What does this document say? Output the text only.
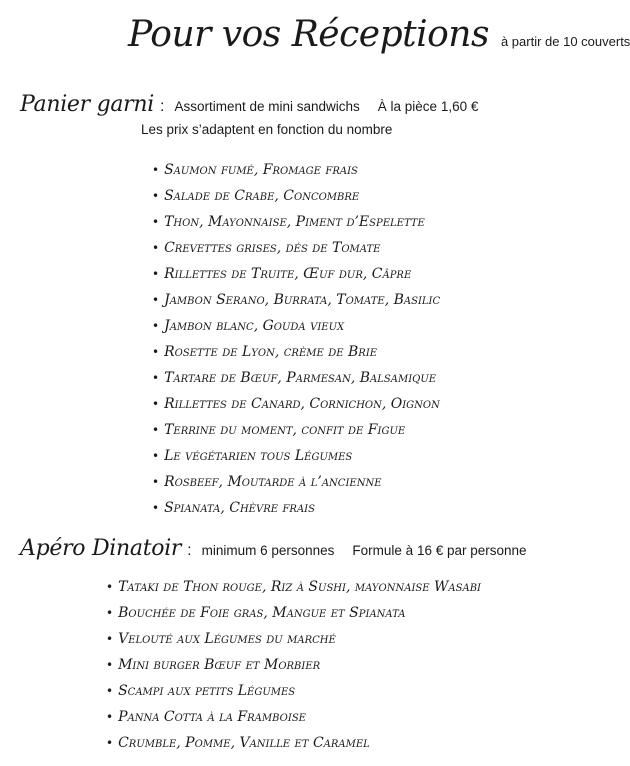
Pour vos Réceptions à partir de 10 couverts
Panier garni : Assortiment de mini sandwichs À la pièce 1,60 €
Les prix s’adaptent en fonction du nombre
• Saumon fumé, Fromage frais
• Salade de Crabe, Concombre
• Thon, Mayonnaise, Piment d’Espelette
• Crevettes grises, dés de Tomate
• Rillettes de Truite, Œuf dur, Câpre
• Jambon Serano, Burrata, Tomate, Basilic
• Jambon blanc, Gouda vieux
• Rosette de Lyon, crème de Brie
• Tartare de Bœuf, Parmesan, Balsamique
• Rillettes de Canard, Cornichon, Oignon
• Terrine du moment, confit de Figue
• Le végétarien tous Légumes
• Rosbeef, Moutarde à l’ancienne
• Spianata, Chèvre frais
Apéro Dinatoir : minimum 6 personnes Formule à 16 € par personne
• Tataki de Thon rouge, Riz à Sushi, mayonnaise Wasabi
• Bouchée de Foie gras, Mangue et Spianata
• Velouté aux Légumes du marché
• Mini burger Bœuf et Morbier
• Scampi aux petits Légumes
• Panna Cotta à la Framboise
• Crumble, Pomme, Vanille et Caramel
